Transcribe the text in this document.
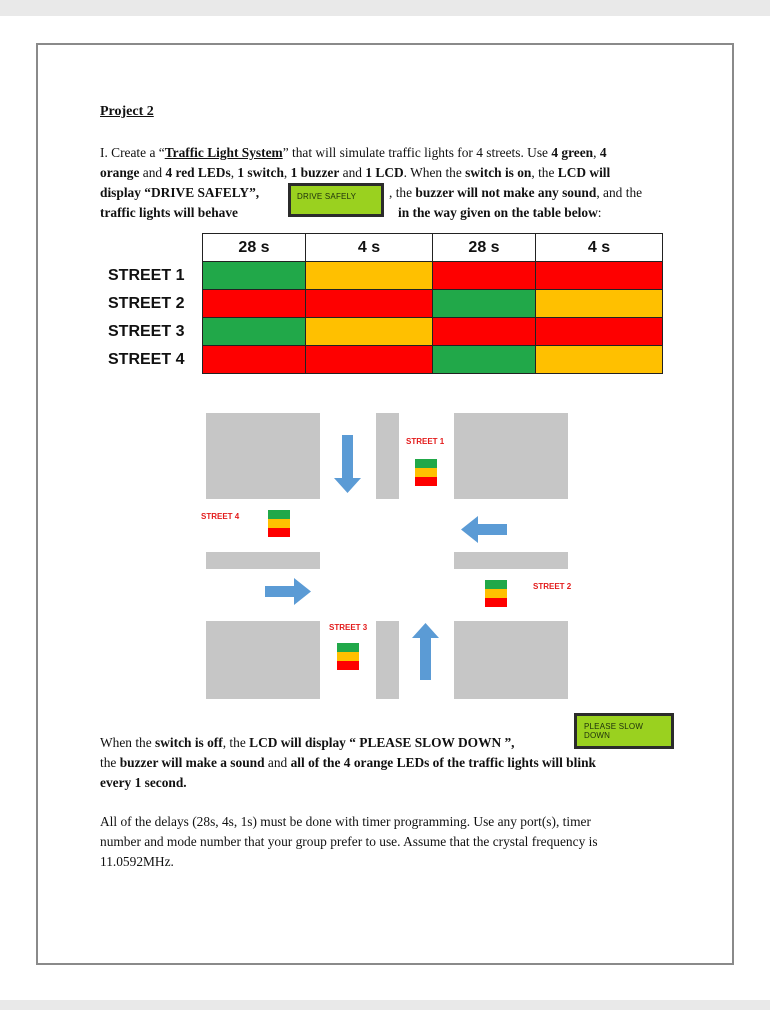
Project 2
I. Create a “Traffic Light System” that will simulate traffic lights for 4 streets. Use 4 green, 4
orange and 4 red LEDs, 1 switch, 1 buzzer and 1 LCD. When the switch is on, the LCD will
display “DRIVE SAFELY”,	, the buzzer will not make any sound, and the
traffic lights will behave	in the way given on the table below:
DRIVE SAFELY
28 s	4 s	28 s	4 s

STREET 1
STREET 2
STREET 3
STREET 4
STREET 1
STREET 2
STREET 3
STREET 4
PLEASE SLOW DOWN
When the switch is off, the LCD will display “ PLEASE SLOW DOWN ”,
the buzzer will make a sound and all of the 4 orange LEDs of the traffic lights will blink
every 1 second.
All of the delays (28s, 4s, 1s) must be done with timer programming. Use any port(s), timer
number and mode number that your group prefer to use. Assume that the crystal frequency is
11.0592MHz.
